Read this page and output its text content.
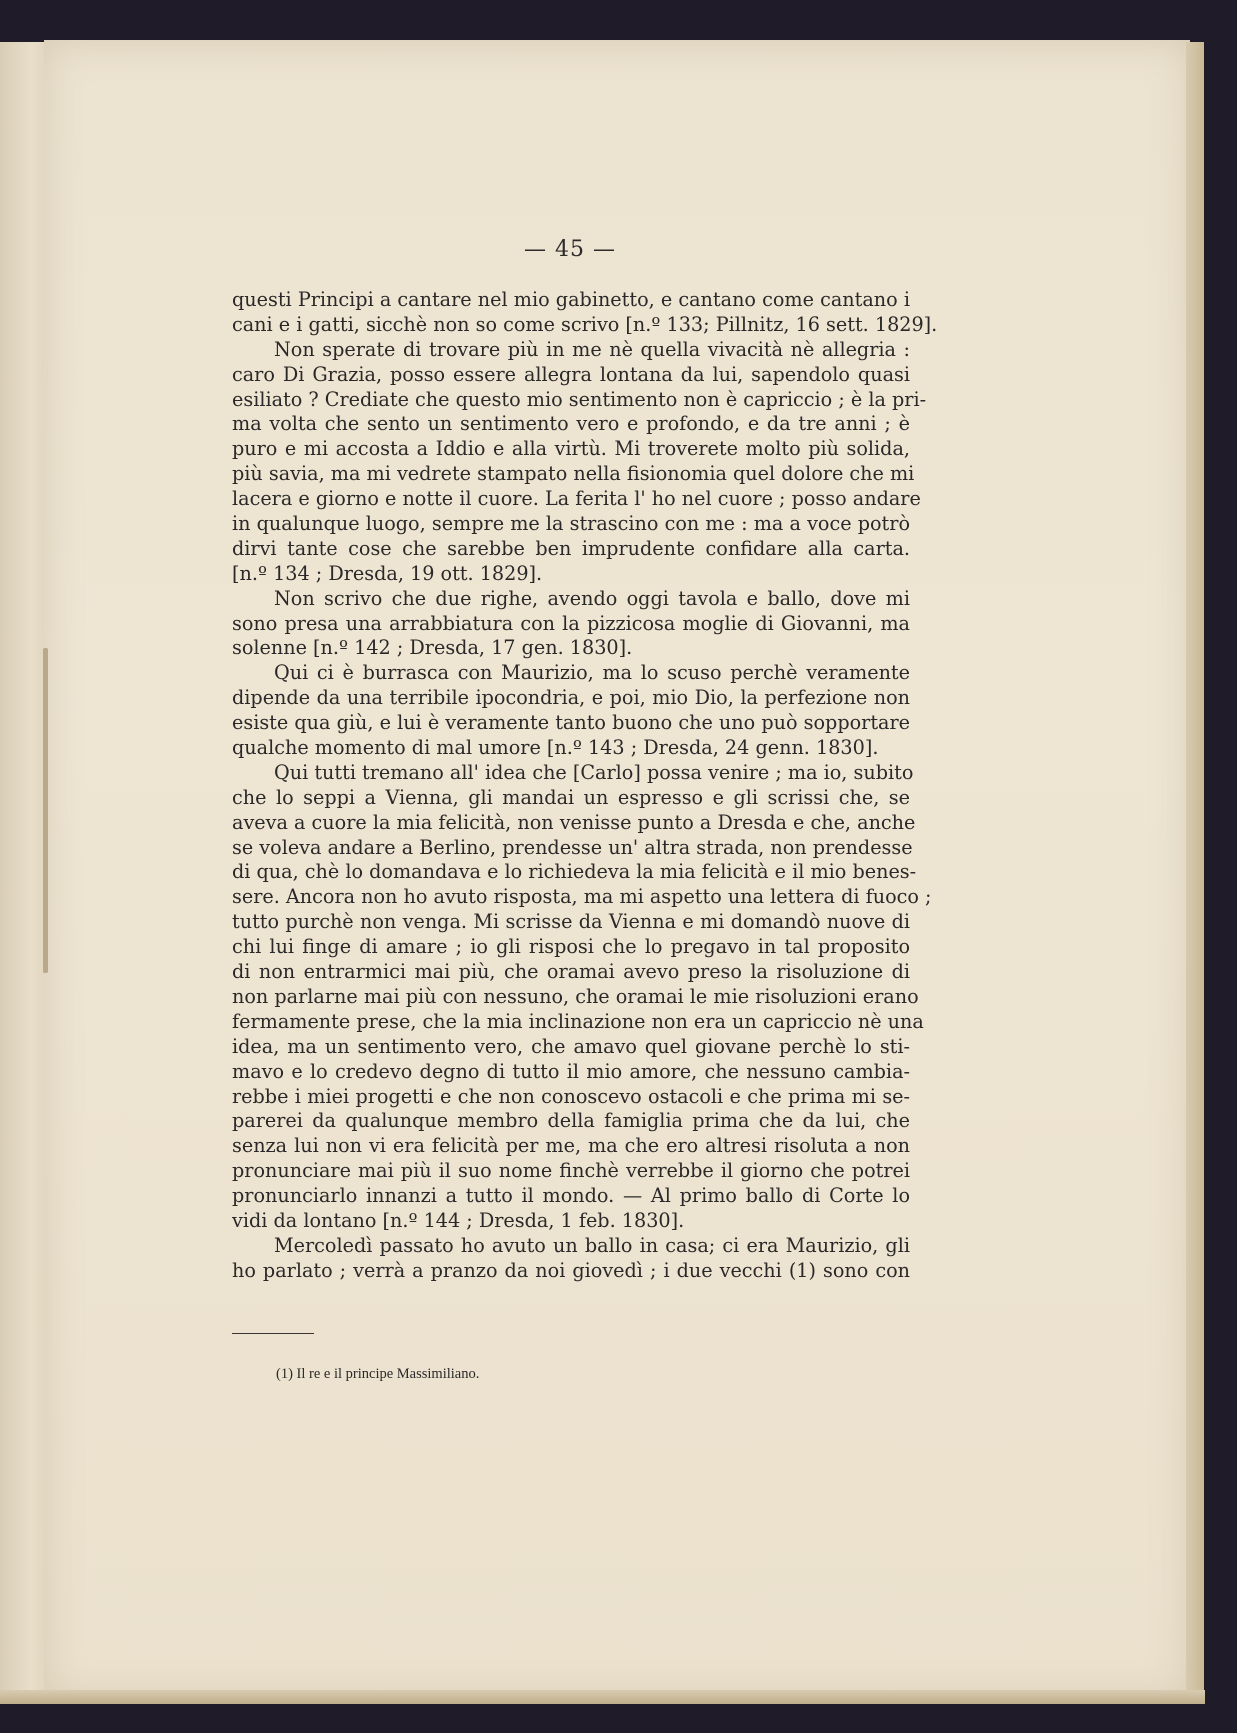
— 45 —
questi Principi a cantare nel mio gabinetto, e cantano come cantano i
cani e i gatti, sicchè non so come scrivo [n.º 133; Pillnitz, 16 sett. 1829].
Non sperate di trovare più in me nè quella vivacità nè allegria :
caro Di Grazia, posso essere allegra lontana da lui, sapendolo quasi
esiliato ? Crediate che questo mio sentimento non è capriccio ; è la pri-
ma volta che sento un sentimento vero e profondo, e da tre anni ; è
puro e mi accosta a Iddio e alla virtù. Mi troverete molto più solida,
più savia, ma mi vedrete stampato nella fisionomia quel dolore che mi
lacera e giorno e notte il cuore. La ferita l' ho nel cuore ; posso andare
in qualunque luogo, sempre me la strascino con me : ma a voce potrò
dirvi tante cose che sarebbe ben imprudente confidare alla carta.
[n.º 134 ; Dresda, 19 ott. 1829].
Non scrivo che due righe, avendo oggi tavola e ballo, dove mi
sono presa una arrabbiatura con la pizzicosa moglie di Giovanni, ma
solenne [n.º 142 ; Dresda, 17 gen. 1830].
Qui ci è burrasca con Maurizio, ma lo scuso perchè veramente
dipende da una terribile ipocondria, e poi, mio Dio, la perfezione non
esiste qua giù, e lui è veramente tanto buono che uno può sopportare
qualche momento di mal umore [n.º 143 ; Dresda, 24 genn. 1830].
Qui tutti tremano all' idea che [Carlo] possa venire ; ma io, subito
che lo seppi a Vienna, gli mandai un espresso e gli scrissi che, se
aveva a cuore la mia felicità, non venisse punto a Dresda e che, anche
se voleva andare a Berlino, prendesse un' altra strada, non prendesse
di qua, chè lo domandava e lo richiedeva la mia felicità e il mio benes-
sere. Ancora non ho avuto risposta, ma mi aspetto una lettera di fuoco ;
tutto purchè non venga. Mi scrisse da Vienna e mi domandò nuove di
chi lui finge di amare ; io gli risposi che lo pregavo in tal proposito
di non entrarmici mai più, che oramai avevo preso la risoluzione di
non parlarne mai più con nessuno, che oramai le mie risoluzioni erano
fermamente prese, che la mia inclinazione non era un capriccio nè una
idea, ma un sentimento vero, che amavo quel giovane perchè lo sti-
mavo e lo credevo degno di tutto il mio amore, che nessuno cambia-
rebbe i miei progetti e che non conoscevo ostacoli e che prima mi se-
parerei da qualunque membro della famiglia prima che da lui, che
senza lui non vi era felicità per me, ma che ero altresi risoluta a non
pronunciare mai più il suo nome finchè verrebbe il giorno che potrei
pronunciarlo innanzi a tutto il mondo. — Al primo ballo di Corte lo
vidi da lontano [n.º 144 ; Dresda, 1 feb. 1830].
Mercoledì passato ho avuto un ballo in casa; ci era Maurizio, gli
ho parlato ; verrà a pranzo da noi giovedì ; i due vecchi (1) sono con
(1) Il re e il principe Massimiliano.
